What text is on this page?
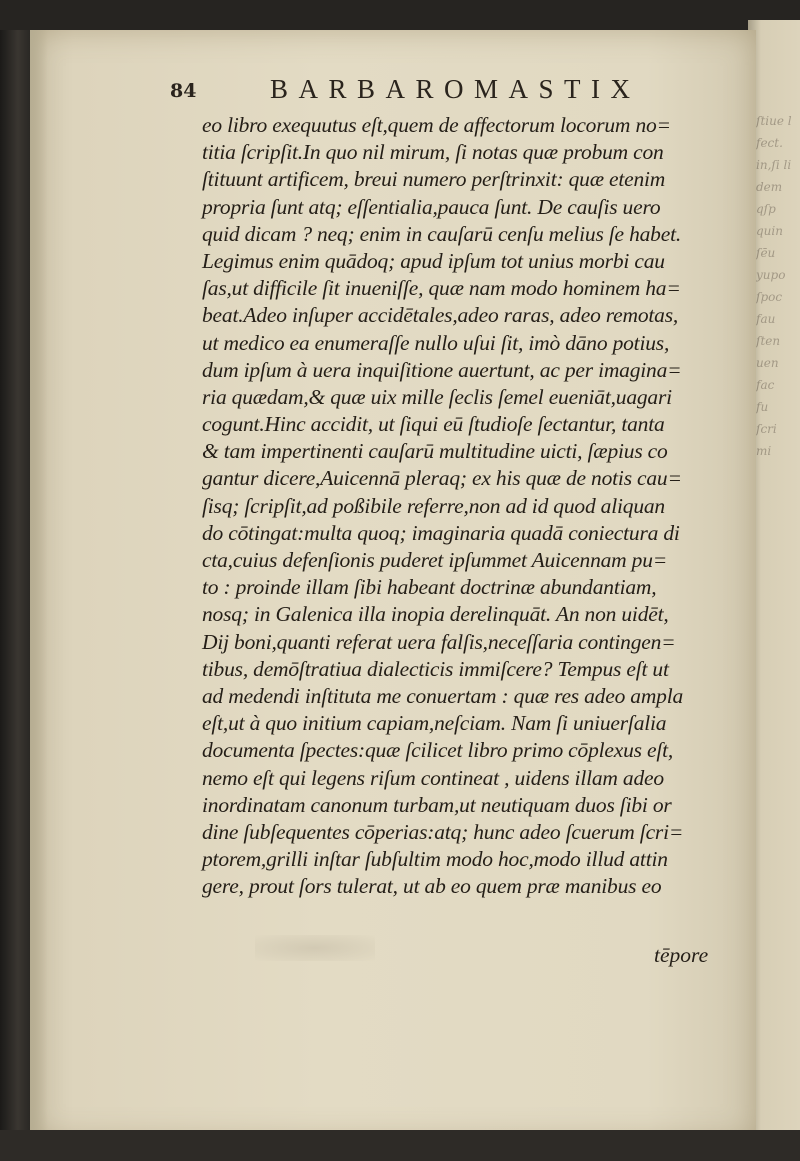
ſtiue l
fect.
in,ſi li
dem
qſp
quin
ſēu
yupo
ſpoc
fau
ſten
uen
fac
fu
ſcri
mi
84	BARBAROMASTIX
eo libro exequutus eſt,quem de affectorum locorum no=
titia ſcripſit.In quo nil mirum, ſi notas quæ probum con
ſtituunt artificem, breui numero perſtrinxit: quæ etenim
propria ſunt atq; eſſentialia,pauca ſunt. De cauſis uero
quid dicam ? neq; enim in cauſarū cenſu melius ſe habet.
Legimus enim quādoq; apud ipſum tot unius morbi cau
ſas,ut difficile ſit inueniſſe, quæ nam modo hominem ha=
beat.Adeo inſuper accidētales,adeo raras, adeo remotas,
ut medico ea enumeraſſe nullo uſui ſit, imò dāno potius,
dum ipſum à uera inquiſitione auertunt, ac per imagina=
ria quædam,& quæ uix mille ſeclis ſemel eueniāt,uagari
cogunt.Hinc accidit, ut ſiqui eū ſtudioſe ſectantur, tanta
& tam impertinenti cauſarū multitudine uicti, ſæpius co
gantur dicere,Auicennā pleraq; ex his quæ de notis cau=
ſisq; ſcripſit,ad poßibile referre,non ad id quod aliquan
do cōtingat:multa quoq; imaginaria quadā coniectura di
cta,cuius defenſionis puderet ipſummet Auicennam pu=
to : proinde illam ſibi habeant doctrinæ abundantiam,
nosq; in Galenica illa inopia derelinquāt. An non uidēt,
Dij boni,quanti referat uera falſis,neceſſaria contingen=
tibus, demōſtratiua dialecticis immiſcere? Tempus eſt ut
ad medendi inſtituta me conuertam : quæ res adeo ampla
eſt,ut à quo initium capiam,neſciam. Nam ſi uniuerſalia
documenta ſpectes:quæ ſcilicet libro primo cōplexus eſt,
nemo eſt qui legens riſum contineat , uidens illam adeo
inordinatam canonum turbam,ut neutiquam duos ſibi or
dine ſubſequentes cōperias:atq; hunc adeo ſcuerum ſcri=
ptorem,grilli inſtar ſubſultim modo hoc,modo illud attin
gere, prout ſors tulerat, ut ab eo quem præ manibus eo
tēpore
